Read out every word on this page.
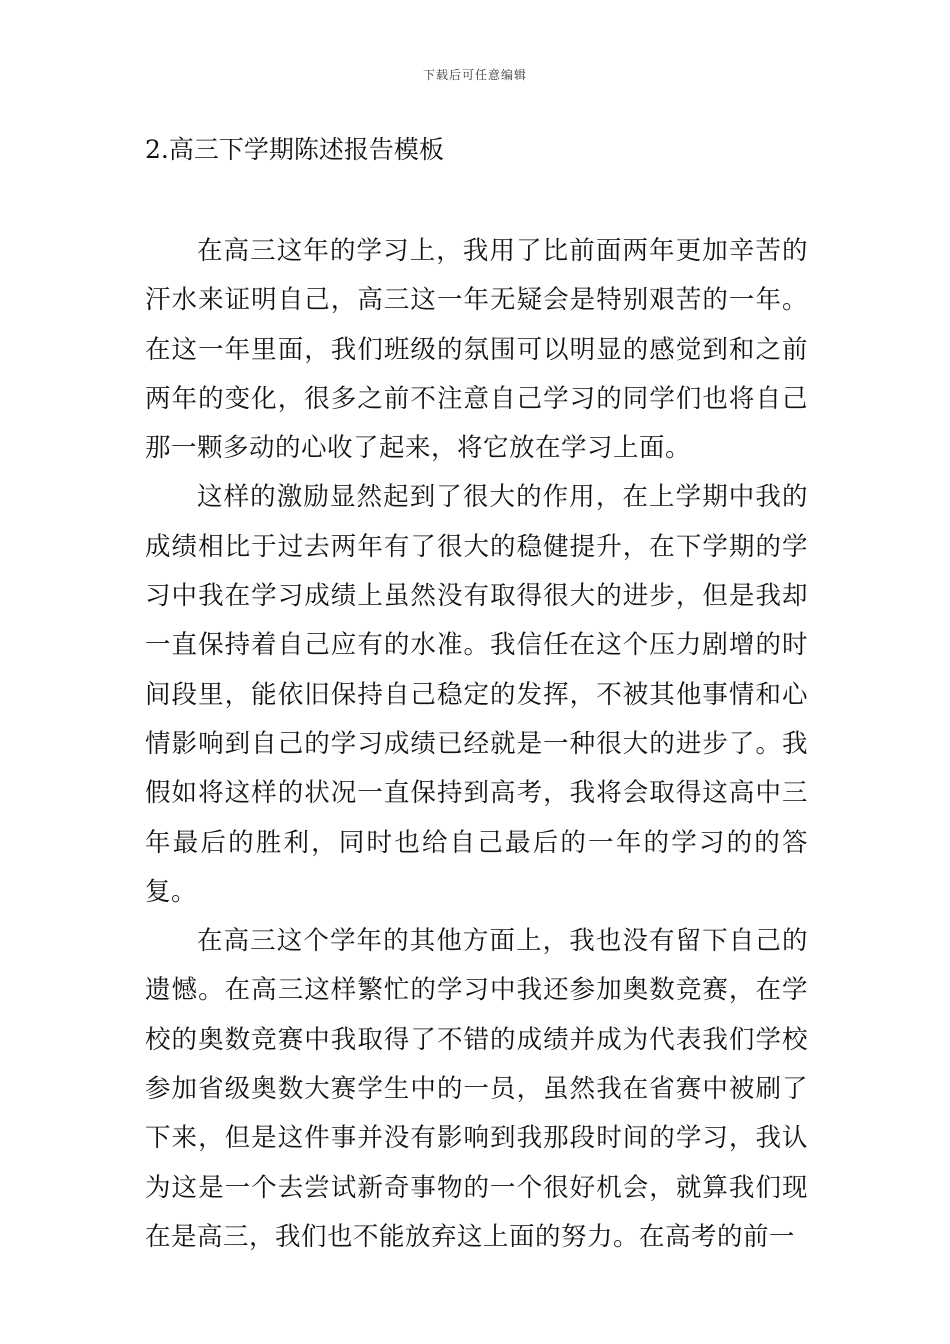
下载后可任意编辑
2.高三下学期陈述报告模板

在高三这年的学习上，我用了比前面两年更加辛苦的汗水来证明自己，高三这一年无疑会是特别艰苦的一年。在这一年里面，我们班级的氛围可以明显的感觉到和之前两年的变化，很多之前不注意自己学习的同学们也将自己那一颗多动的心收了起来，将它放在学习上面。

这样的激励显然起到了很大的作用，在上学期中我的成绩相比于过去两年有了很大的稳健提升，在下学期的学习中我在学习成绩上虽然没有取得很大的进步，但是我却一直保持着自己应有的水准。我信任在这个压力剧增的时间段里，能依旧保持自己稳定的发挥，不被其他事情和心情影响到自己的学习成绩已经就是一种很大的进步了。我假如将这样的状况一直保持到高考，我将会取得这高中三年最后的胜利，同时也给自己最后的一年的学习的的答复。

在高三这个学年的其他方面上，我也没有留下自己的遗憾。在高三这样繁忙的学习中我还参加奥数竞赛，在学校的奥数竞赛中我取得了不错的成绩并成为代表我们学校参加省级奥数大赛学生中的一员，虽然我在省赛中被刷了下来，但是这件事并没有影响到我那段时间的学习，我认为这是一个去尝试新奇事物的一个很好机会，就算我们现在是高三，我们也不能放弃这上面的努力。在高考的前一
